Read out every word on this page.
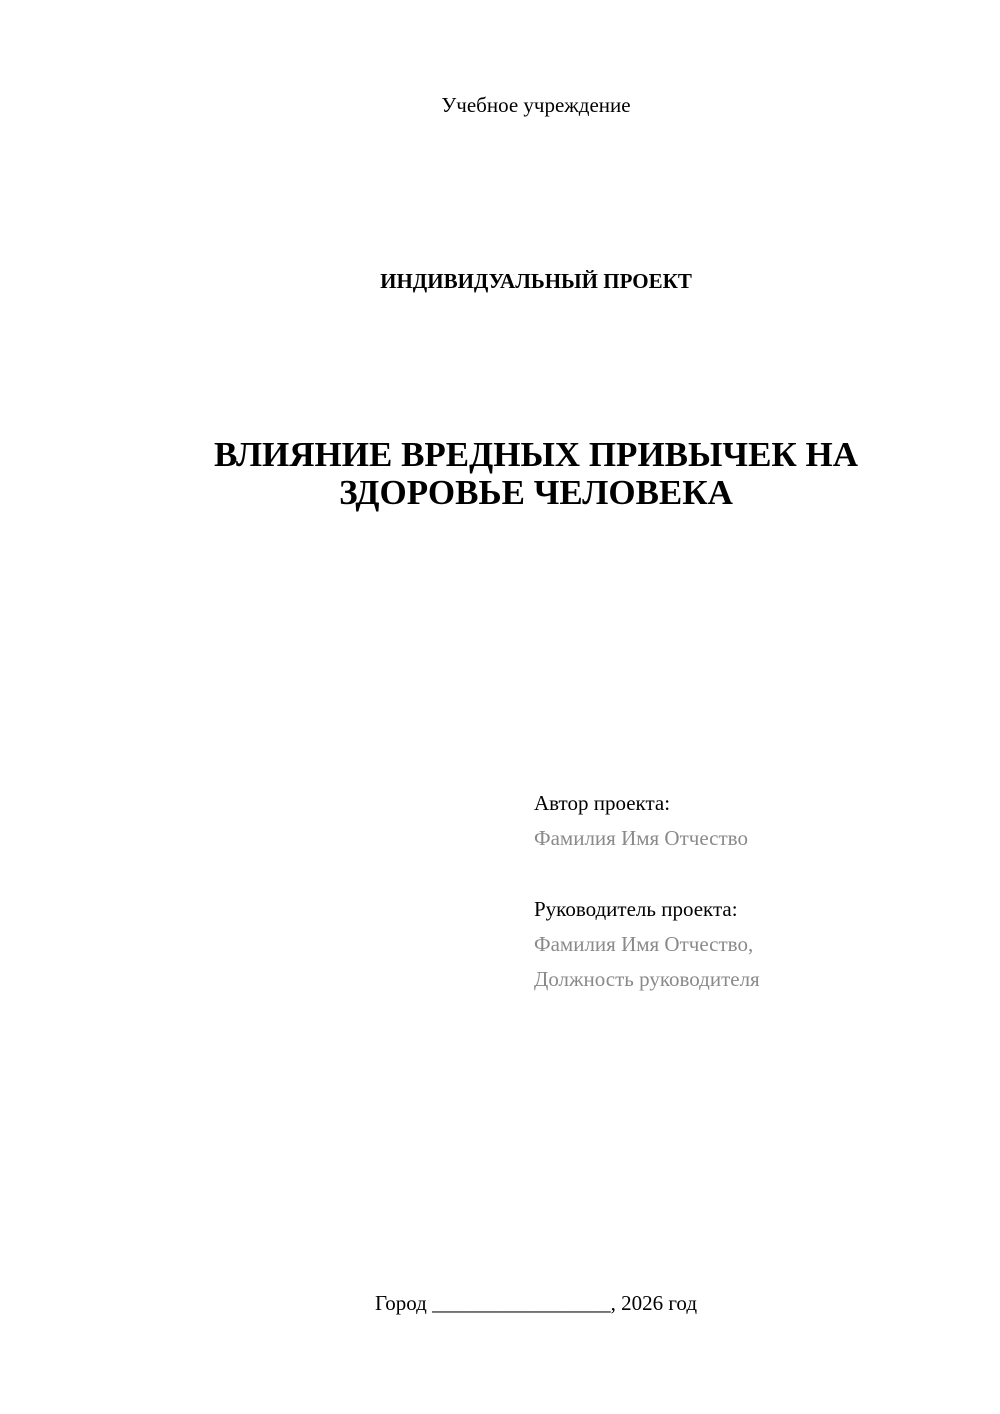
Учебное учреждение
ИНДИВИДУАЛЬНЫЙ ПРОЕКТ
ВЛИЯНИЕ ВРЕДНЫХ ПРИВЫЧЕК НА
ЗДОРОВЬЕ ЧЕЛОВЕКА
Автор проекта:
Фамилия Имя Отчество
Руководитель проекта:
Фамилия Имя Отчество,
Должность руководителя
Город _________________, 2026 год
